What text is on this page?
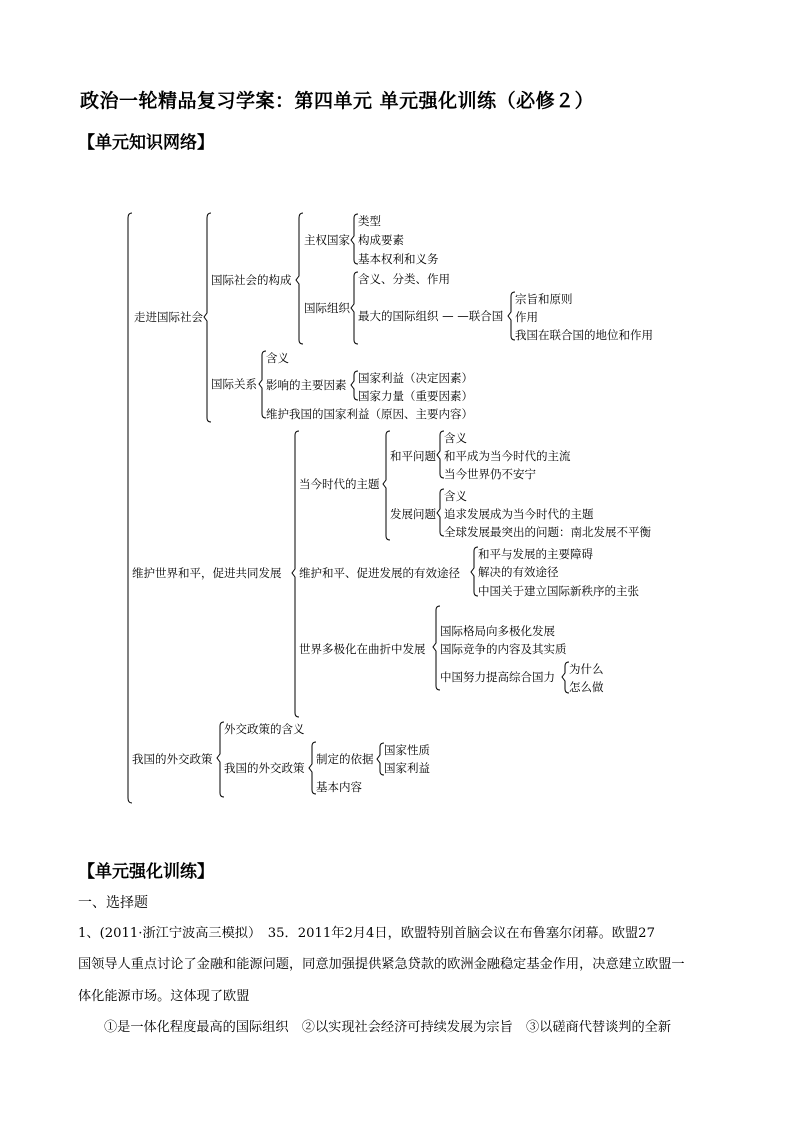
政治一轮精品复习学案：第四单元 单元强化训练（必修２）
【单元知识网络】
走进国际社会
国际社会的构成
主权国家
类型
构成要素
基本权利和义务
国际组织
含义、分类、作用
最大的国际组织 — —联合国
宗旨和原则
作用
我国在联合国的地位和作用
国际关系
含义
影响的主要因素 国家利益（决定因素）
国家力量（重要因素）
维护我国的国家利益（原因、主要内容）
维护世界和平，促进共同发展
当今时代的主题
和平问题
含义
和平成为当今时代的主流
当今世界仍不安宁
发展问题
含义
追求发展成为当今时代的主题
全球发展最突出的问题：南北发展不平衡
维护和平、促进发展的有效途径
和平与发展的主要障碍
解决的有效途径
中国关于建立国际新秩序的主张
世界多极化在曲折中发展
国际格局向多极化发展
国际竞争的内容及其实质
中国努力提高综合国力
为什么
怎么做
我国的外交政策
外交政策的含义
我国的外交政策
制定的依据
国家性质
国家利益
基本内容
【单元强化训练】
一、选择题
1、(2011·浙江宁波高三模拟）　35．2011年2月4日，欧盟特别首脑会议在布鲁塞尔闭幕。欧盟27
国领导人重点讨论了金融和能源问题，同意加强提供紧急贷款的欧洲金融稳定基金作用，决意建立欧盟一
体化能源市场。这体现了欧盟
①是一体化程度最高的国际组织　②以实现社会经济可持续发展为宗旨　③以磋商代替谈判的全新
